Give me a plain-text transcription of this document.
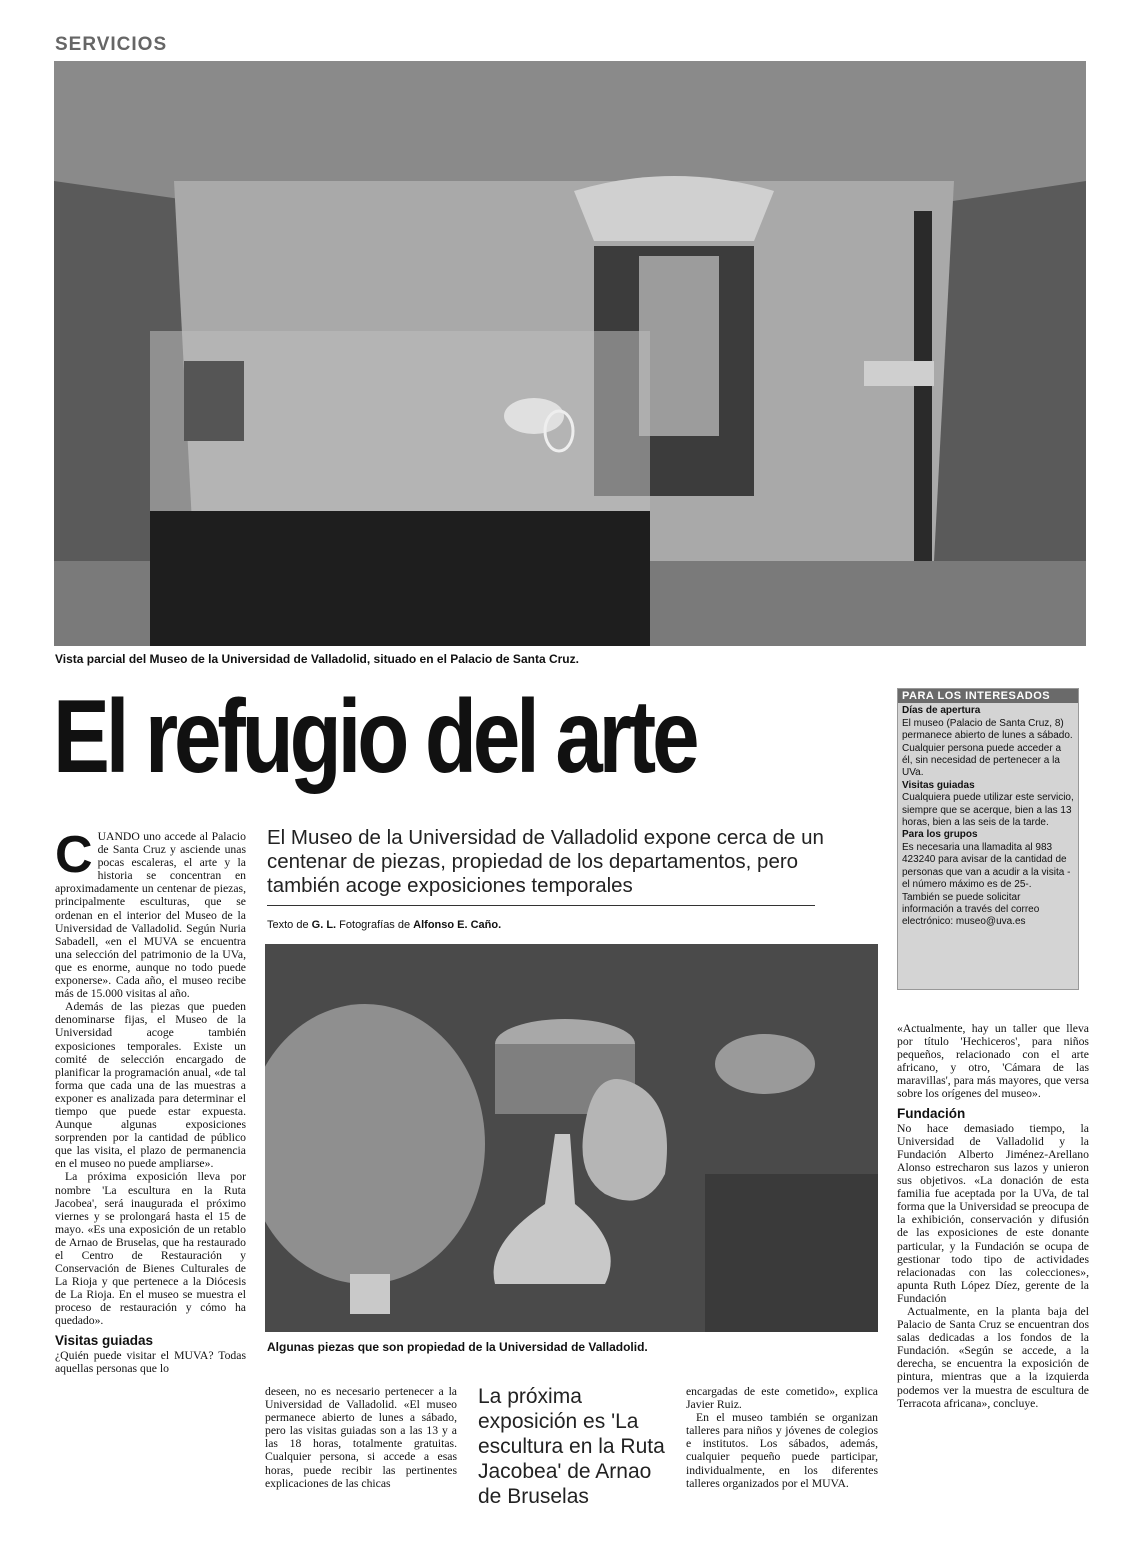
SERVICIOS
Vista parcial del Museo de la Universidad de Valladolid, situado en el Palacio de Santa Cruz.
El refugio del arte	PARA LOS INTERESADOS
Días de apertura
El museo (Palacio de Santa Cruz, 8) permanece abierto de lunes a sábado. Cualquier persona puede acceder a él, sin necesidad de pertenecer a la UVa.
Visitas guiadas
Cualquiera puede utilizar este servicio, siempre que se acerque, bien a las 13 horas, bien a las seis de la tarde.
Para los grupos
Es necesaria una llamadita al 983 423240 para avisar de la cantidad de personas que van a acudir a la visita -el número máximo es de 25-.
También se puede solicitar información a través del correo electrónico: museo@uva.es
El Museo de la Universidad de Valladolid expone cerca de un centenar de piezas, propiedad de los departamentos, pero también acoge exposiciones temporales
Texto de G. L. Fotografías de Alfonso E. Caño.

CUANDO uno accede al Palacio de Santa Cruz y asciende unas pocas escaleras, el arte y la historia se concentran en aproximadamente un centenar de piezas, principalmente esculturas, que se ordenan en el interior del Museo de la Universidad de Valladolid. Según Nuria Sabadell, «en el MUVA se encuentra una selección del patrimonio de la UVa, que es enorme, aunque no todo puede exponerse». Cada año, el museo recibe más de 15.000 visitas al año.

Además de las piezas que pueden denominarse fijas, el Museo de la Universidad acoge también exposiciones temporales. Existe un comité de selección encargado de planificar la programación anual, «de tal forma que cada una de las muestras a exponer es analizada para determinar el tiempo que puede estar expuesta. Aunque algunas exposiciones sorprenden por la cantidad de público que las visita, el plazo de permanencia en el museo no puede ampliarse».

La próxima exposición lleva por nombre 'La escultura en la Ruta Jacobea', será inaugurada el próximo viernes y se prolongará hasta el 15 de mayo. «Es una exposición de un retablo de Arnao de Bruselas, que ha restaurado el Centro de Restauración y Conservación de Bienes Culturales de La Rioja y que pertenece a la Diócesis de La Rioja. En el museo se muestra el proceso de restauración y cómo ha quedado».

Visitas guiadas

¿Quién puede visitar el MUVA? Todas aquellas personas que lo

Algunas piezas que son propiedad de la Universidad de Valladolid.

deseen, no es necesario pertenecer a la Universidad de Valladolid. «El museo permanece abierto de lunes a sábado, pero las visitas guiadas son a las 13 y a las 18 horas, totalmente gratuitas. Cualquier persona, si accede a esas horas, puede recibir las pertinentes explicaciones de las chicas

La próxima exposición es 'La escultura en la Ruta Jacobea' de Arnao de Bruselas

encargadas de este cometido», explica Javier Ruiz.

En el museo también se organizan talleres para niños y jóvenes de colegios e institutos. Los sábados, además, cualquier pequeño puede participar, individualmente, en los diferentes talleres organizados por el MUVA.

«Actualmente, hay un taller que lleva por título 'Hechiceros', para niños pequeños, relacionado con el arte africano, y otro, 'Cámara de las maravillas', para más mayores, que versa sobre los orígenes del museo».

Fundación

No hace demasiado tiempo, la Universidad de Valladolid y la Fundación Alberto Jiménez-Arellano Alonso estrecharon sus lazos y unieron sus objetivos. «La donación de esta familia fue aceptada por la UVa, de tal forma que la Universidad se preocupa de la exhibición, conservación y difusión de las exposiciones de este donante particular, y la Fundación se ocupa de gestionar todo tipo de actividades relacionadas con las colecciones», apunta Ruth López Díez, gerente de la Fundación

Actualmente, en la planta baja del Palacio de Santa Cruz se encuentran dos salas dedicadas a los fondos de la Fundación. «Según se accede, a la derecha, se encuentra la exposición de pintura, mientras que a la izquierda podemos ver la muestra de escultura de Terracota africana», concluye.
